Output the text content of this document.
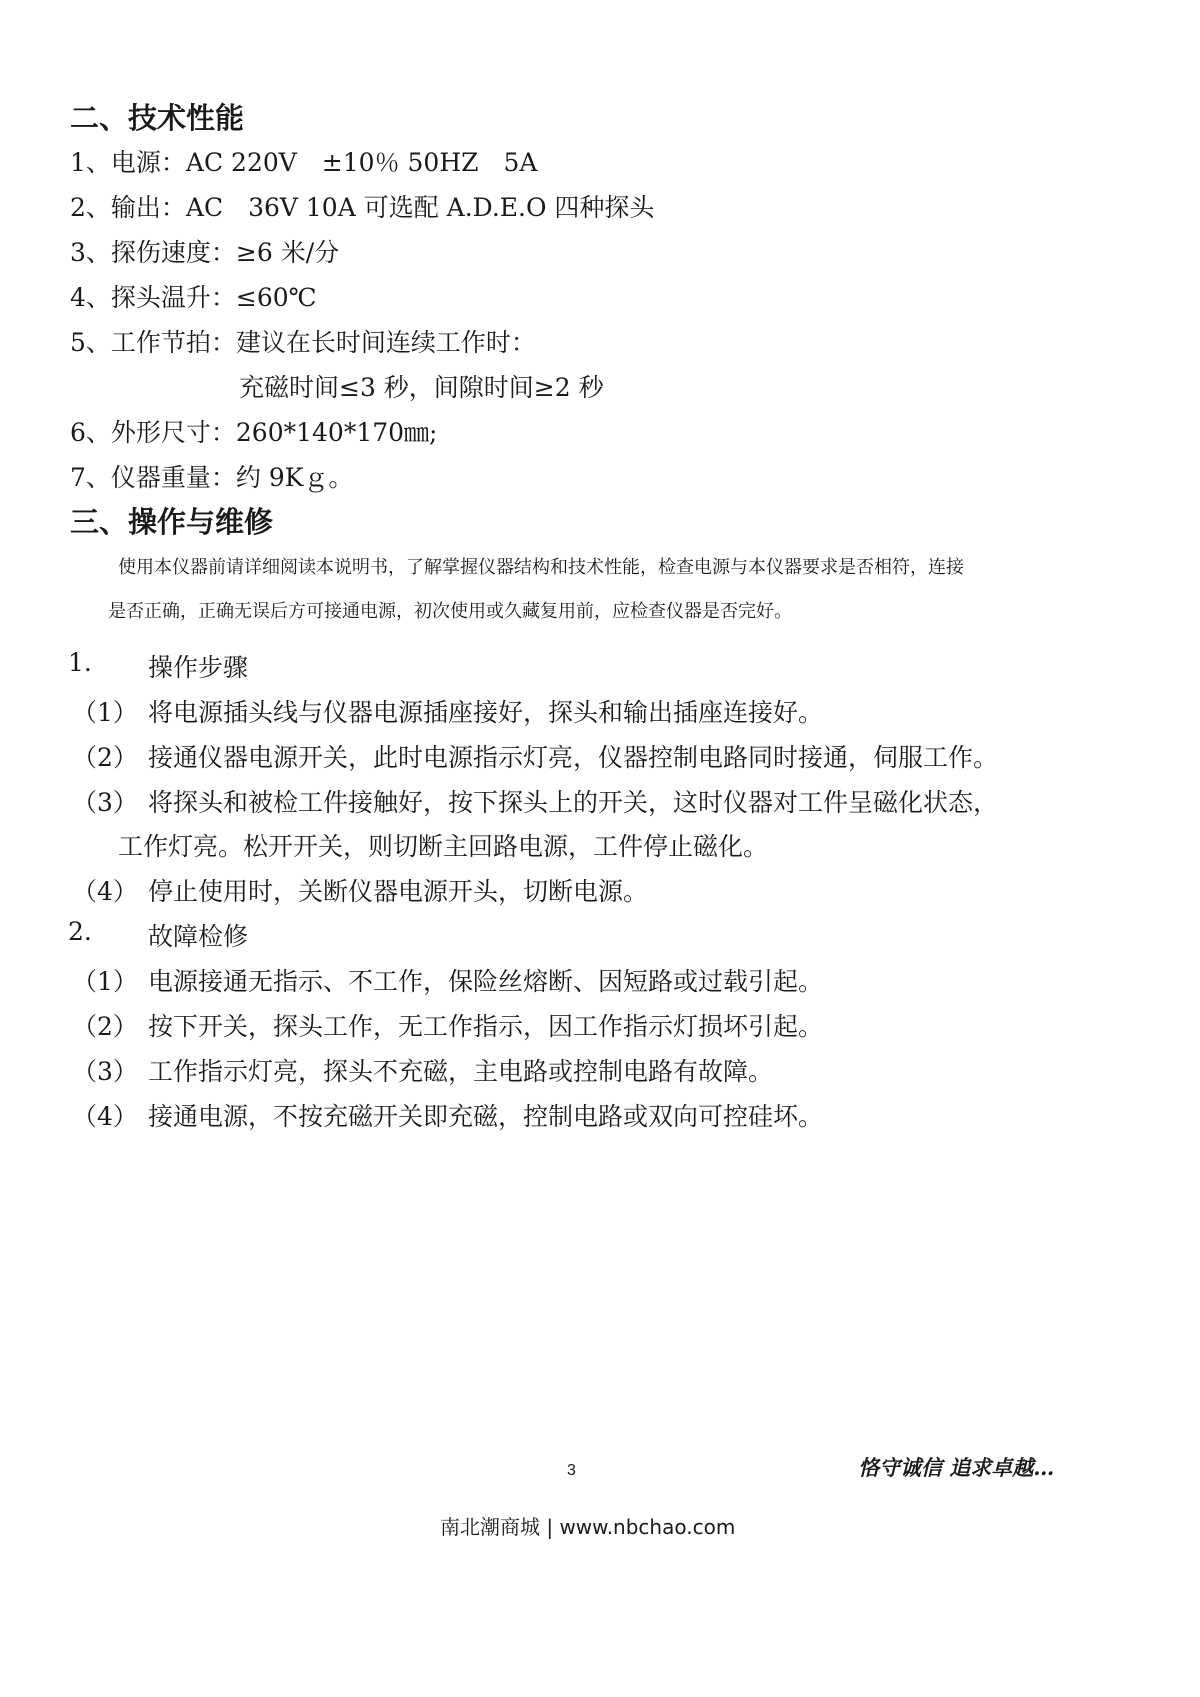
二、技术性能
1、电源：AC 220V　±10％ 50HZ　5A
2、输出：AC　36V 10A 可选配 A.D.E.O 四种探头
3、探伤速度：≥6 米/分
4、探头温升：≤60℃
5、工作节拍：建议在长时间连续工作时：
充磁时间≤3 秒，间隙时间≥2 秒
6、外形尺寸：260*140*170㎜;
7、仪器重量：约 9Kｇ。
三、操作与维修
使用本仪器前请详细阅读本说明书，了解掌握仪器结构和技术性能，检查电源与本仪器要求是否相符，连接
是否正确，正确无误后方可接通电源，初次使用或久藏复用前，应检查仪器是否完好。
1. 操作步骤
（1） 将电源插头线与仪器电源插座接好，探头和输出插座连接好。
（2） 接通仪器电源开关，此时电源指示灯亮，仪器控制电路同时接通，伺服工作。
（3） 将探头和被检工件接触好，按下探头上的开关，这时仪器对工件呈磁化状态，
工作灯亮。松开开关，则切断主回路电源，工件停止磁化。
（4） 停止使用时，关断仪器电源开头，切断电源。
2. 故障检修
（1） 电源接通无指示、不工作，保险丝熔断、因短路或过载引起。
（2） 按下开关，探头工作，无工作指示，因工作指示灯损坏引起。
（3） 工作指示灯亮，探头不充磁，主电路或控制电路有故障。
（4） 接通电源，不按充磁开关即充磁，控制电路或双向可控硅坏。
3	恪守诚信 追求卓越…
南北潮商城 | www.nbchao.com
